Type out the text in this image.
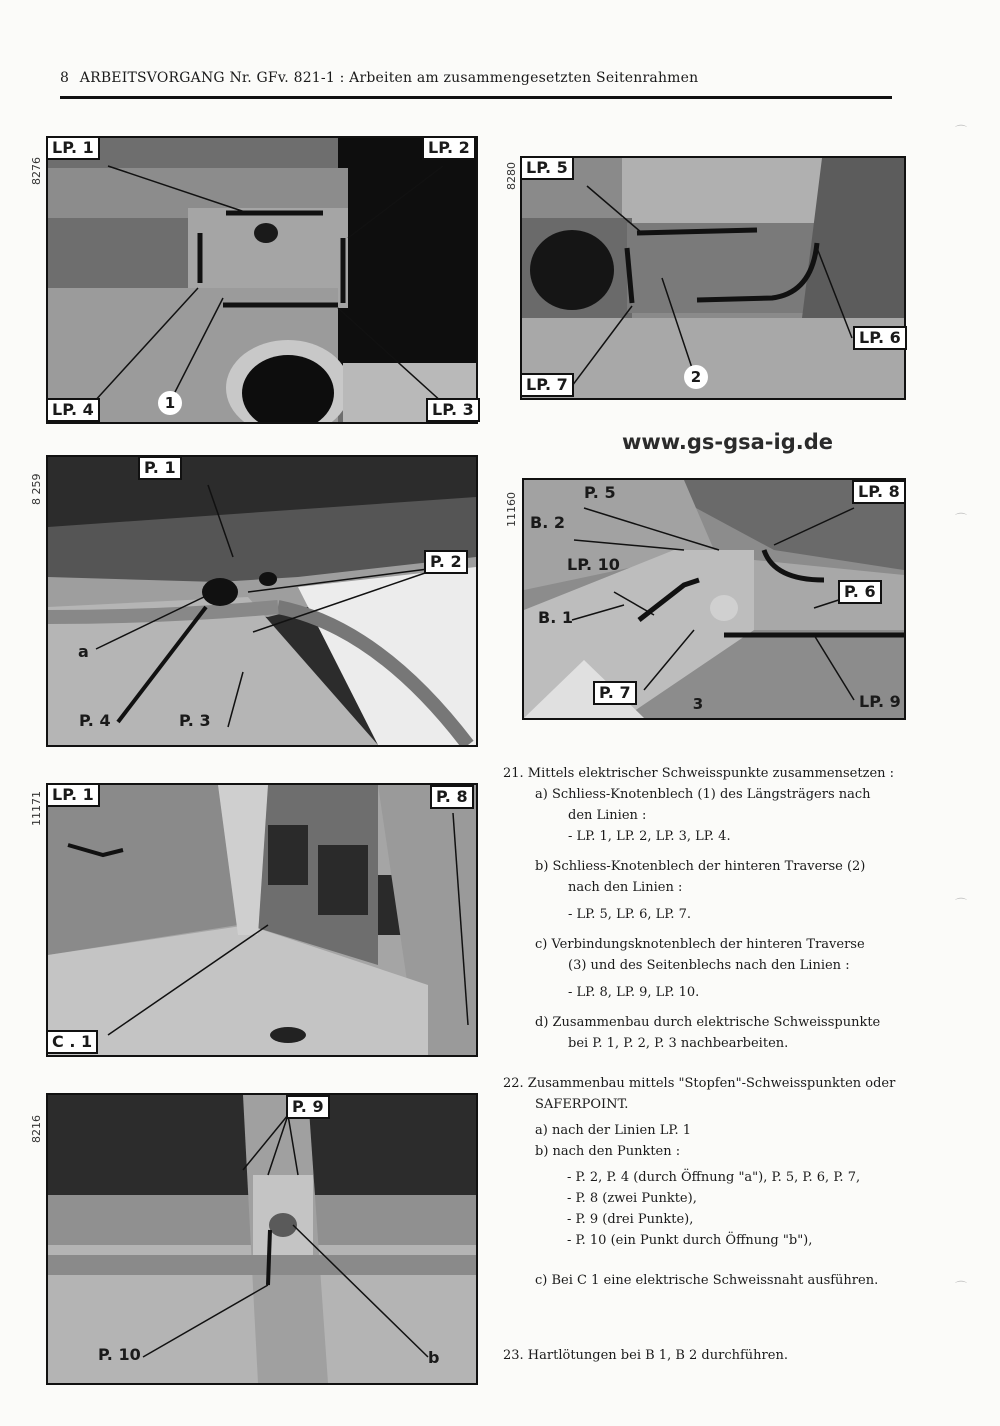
8 ARBEITSVORGANG Nr. GFv. 821-1 : Arbeiten am zusammengesetzten Seitenrahmen
8276	8280
8 259
11160
11171
8216
LP. 1	LP. 2
LP. 4	LP. 3
1
LP. 5
LP. 6
LP. 7	2
www.gs-gsa-ig.de
P. 1
P. 2
P. 4	P. 3
a
P. 5	LP. 8
B. 2
LP. 10
P. 6
B. 1
P. 7	LP. 9
3
LP. 1	P. 8
C . 1
P. 9
P. 10	b
21. Mittels elektrischer Schweisspunkte zusammensetzen :
a) Schliess-Knotenblech (1) des Längsträgers nach
den Linien :
- LP. 1, LP. 2, LP. 3, LP. 4.
b) Schliess-Knotenblech der hinteren Traverse (2)
nach den Linien :
- LP. 5, LP. 6, LP. 7.
c) Verbindungsknotenblech der hinteren Traverse
(3) und des Seitenblechs nach den Linien :
- LP. 8, LP. 9, LP. 10.
d) Zusammenbau durch elektrische Schweisspunkte
bei P. 1, P. 2, P. 3 nachbearbeiten.
22. Zusammenbau mittels "Stopfen"-Schweisspunkten oder
SAFERPOINT.
a) nach der Linien LP. 1
b) nach den Punkten :
- P. 2, P. 4 (durch Öffnung "a"), P. 5, P. 6, P. 7,
- P. 8 (zwei Punkte),
- P. 9 (drei Punkte),
- P. 10 (ein Punkt durch Öffnung "b"),
c) Bei C 1 eine elektrische Schweissnaht ausführen.
23. Hartlötungen bei B 1, B 2 durchführen.
⌒
⌒
⌒
⌒
